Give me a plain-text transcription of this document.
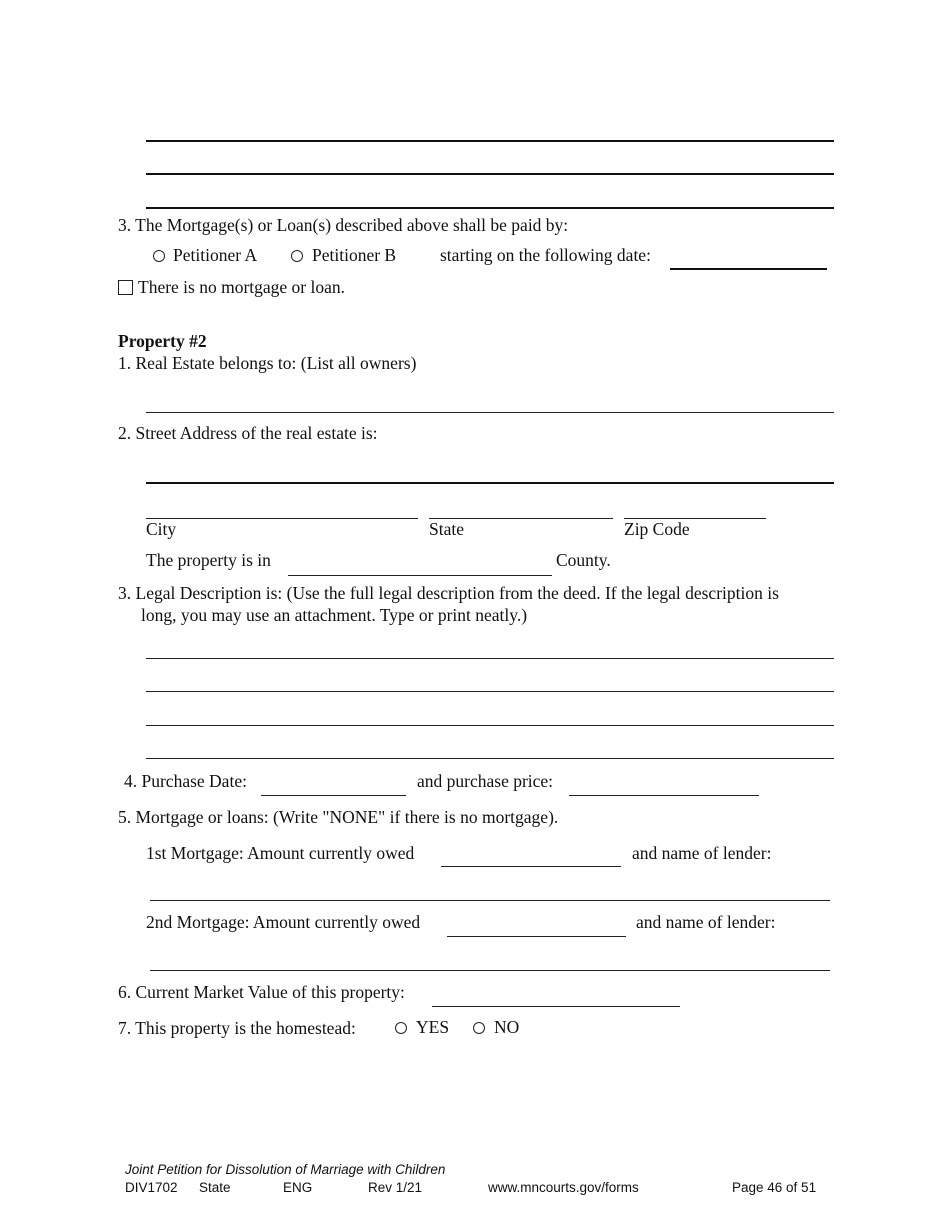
3. The Mortgage(s) or Loan(s) described above shall be paid by:
Petitioner A	Petitioner B	starting on the following date:
There is no mortgage or loan.
Property #2
1. Real Estate belongs to: (List all owners)
2. Street Address of the real estate is:
City	State	Zip Code
The property is in	County.
3. Legal Description is: (Use the full legal description from the deed. If the legal description is
long, you may use an attachment. Type or print neatly.)
4. Purchase Date:	and purchase price:
5. Mortgage or loans: (Write "NONE" if there is no mortgage).
1st Mortgage: Amount currently owed	and name of lender:
2nd Mortgage: Amount currently owed	and name of lender:
6. Current Market Value of this property:
7. This property is the homestead:	YES	NO
Joint Petition for Dissolution of Marriage with Children
DIV1702 State	ENG	Rev 1/21	www.mncourts.gov/forms	Page 46 of 51
